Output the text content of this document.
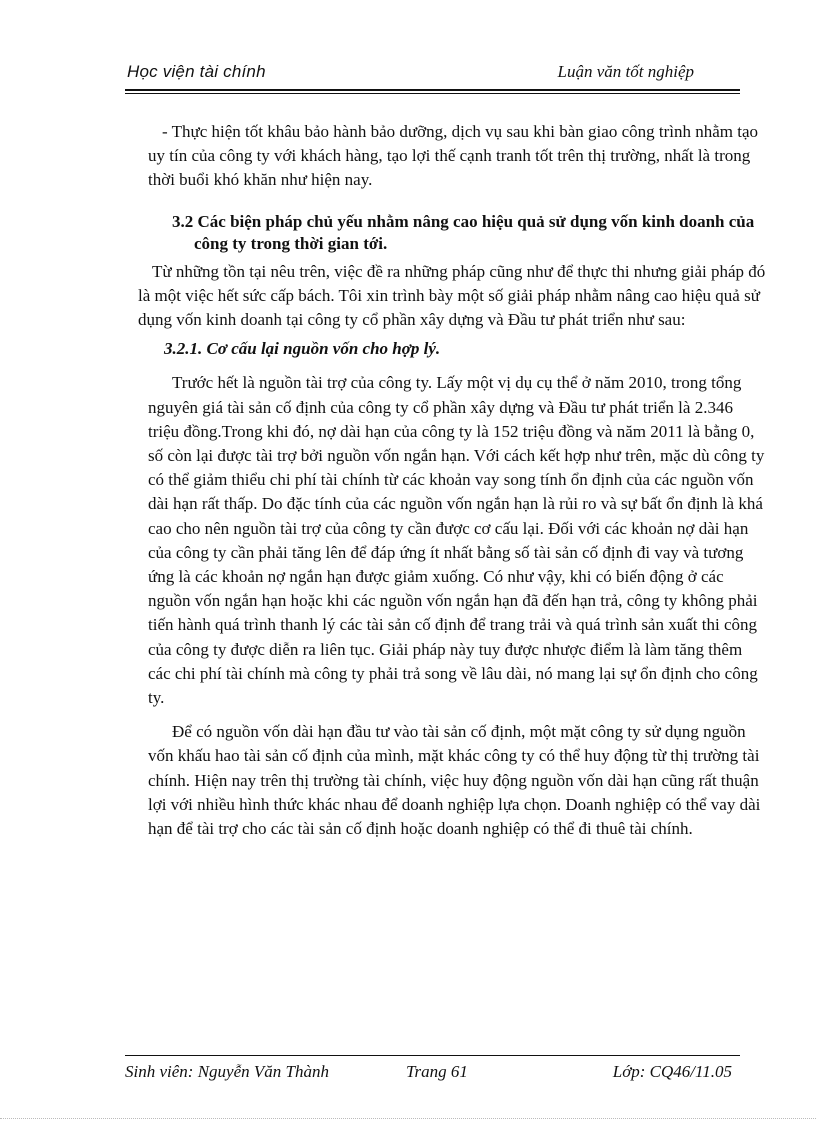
Học viện tài chính	Luận văn tốt nghiệp

- Thực hiện tốt khâu bảo hành bảo dưỡng, dịch vụ sau khi bàn giao công trình nhằm tạo uy tín của công ty với khách hàng, tạo lợi thế cạnh tranh tốt trên thị trường, nhất là trong thời buổi khó khăn như hiện nay.

3.2 Các biện pháp chủ yếu nhằm nâng cao hiệu quả sử dụng vốn kinh doanh của công ty trong thời gian tới.

Từ những tồn tại nêu trên, việc đề ra những pháp cũng như để thực thi nhưng giải pháp đó là một việc hết sức cấp bách. Tôi xin trình bày một số giải pháp nhằm nâng cao hiệu quả sử dụng vốn kinh doanh tại công ty cổ phần xây dựng và Đầu tư phát triển như sau:

3.2.1. Cơ cấu lại nguồn vốn cho hợp lý.

Trước hết là nguồn tài trợ của công ty. Lấy một vị dụ cụ thể ở năm 2010, trong tổng nguyên giá tài sản cố định của công ty cổ phần xây dựng và Đầu tư phát triển là 2.346 triệu đồng.Trong khi đó, nợ dài hạn của công ty là 152 triệu đồng và năm 2011 là bằng 0, số còn lại được tài trợ bởi nguồn vốn ngắn hạn. Với cách kết hợp như trên, mặc dù công ty có thể giảm thiểu chi phí tài chính từ các khoản vay song tính ổn định của các nguồn vốn dài hạn rất thấp. Do đặc tính của các nguồn vốn ngắn hạn là rủi ro và sự bất ổn định là khá cao cho nên nguồn tài trợ của công ty cần được cơ cấu lại. Đối với các khoản nợ dài hạn của công ty cần phải tăng lên để đáp ứng ít nhất bằng số tài sản cố định đi vay và tương ứng là các khoản nợ ngắn hạn được giảm xuống. Có như vậy, khi có biến động ở các nguồn vốn ngắn hạn hoặc khi các nguồn vốn ngắn hạn đã đến hạn trả, công ty không phải tiến hành quá trình thanh lý các tài sản cố định để trang trải và quá trình sản xuất thi công của công ty được diễn ra liên tục. Giải pháp này tuy được nhược điểm là làm tăng thêm các chi phí tài chính mà công ty phải trả song về lâu dài, nó mang lại sự ổn định cho công ty.

Để có nguồn vốn dài hạn đầu tư vào tài sản cố định, một mặt công ty sử dụng nguồn vốn khấu hao tài sản cố định của mình, mặt khác công ty có thể huy động từ thị trường tài chính. Hiện nay trên thị trường tài chính, việc huy động nguồn vốn dài hạn cũng rất thuận lợi với nhiều hình thức khác nhau để doanh nghiệp lựa chọn. Doanh nghiệp có thể vay dài hạn để tài trợ cho các tài sản cố định hoặc doanh nghiệp có thể đi thuê tài chính.

Sinh viên: Nguyễn Văn Thành	Trang 61	Lớp: CQ46/11.05
